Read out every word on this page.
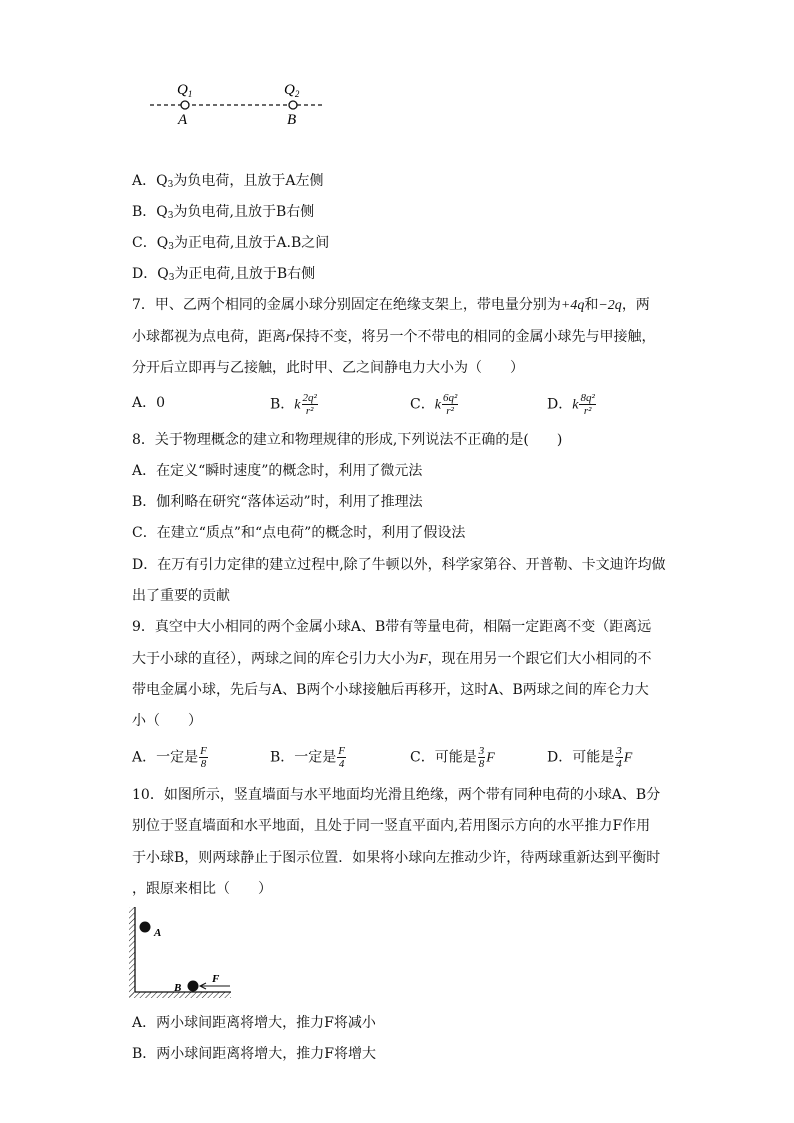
$Q_1$	$Q_2$
A	B
A．$Q_3$为负电荷，且放于A左侧
B．$Q_3$为负电荷,且放于B右侧
C．$Q_3$为正电荷,且放于A.B之间
D．$Q_3$为正电荷,且放于B右侧
7．甲、乙两个相同的金属小球分别固定在绝缘支架上，带电量分别为+4q和−2q，两
小球都视为点电荷，距离r保持不变，将另一个不带电的相同的金属小球先与甲接触，
分开后立即再与乙接触，此时甲、乙之间静电力大小为（　　）
A．0	B．k $\frac{\text{2q²}}{\text{r²}}$	C．k $\frac{\text{6q²}}{\text{r²}}$	D．k $\frac{\text{8q²}}{\text{r²}}$
8．关于物理概念的建立和物理规律的形成,下列说法不正确的是(　　)
A．在定义“瞬时速度”的概念时，利用了微元法
B．伽利略在研究“落体运动”时，利用了推理法
C．在建立“质点”和“点电荷”的概念时，利用了假设法
D．在万有引力定律的建立过程中,除了牛顿以外，科学家第谷、开普勒、卡文迪许均做
出了重要的贡献
9．真空中大小相同的两个金属小球A、B带有等量电荷，相隔一定距离不变（距离远
大于小球的直径），两球之间的库仑引力大小为F，现在用另一个跟它们大小相同的不
带电金属小球，先后与A、B两个小球接触后再移开，这时A、B两球之间的库仑力大
小（　　）
A．一定是 $\frac{F}{8}$	B．一定是 $\frac{F}{4}$	C．可能是 $\frac{3}{8}$ F	D．可能是 $\frac{3}{4}$ F
10．如图所示，竖直墙面与水平地面均光滑且绝缘，两个带有同种电荷的小球A、B分
别位于竖直墙面和水平地面，且处于同一竖直平面内,若用图示方向的水平推力F作用
于小球B，则两球静止于图示位置．如果将小球向左推动少许，待两球重新达到平衡时
，跟原来相比（　　）
A
B
F
A．两小球间距离将增大，推力F将减小
B．两小球间距离将增大，推力F将增大
